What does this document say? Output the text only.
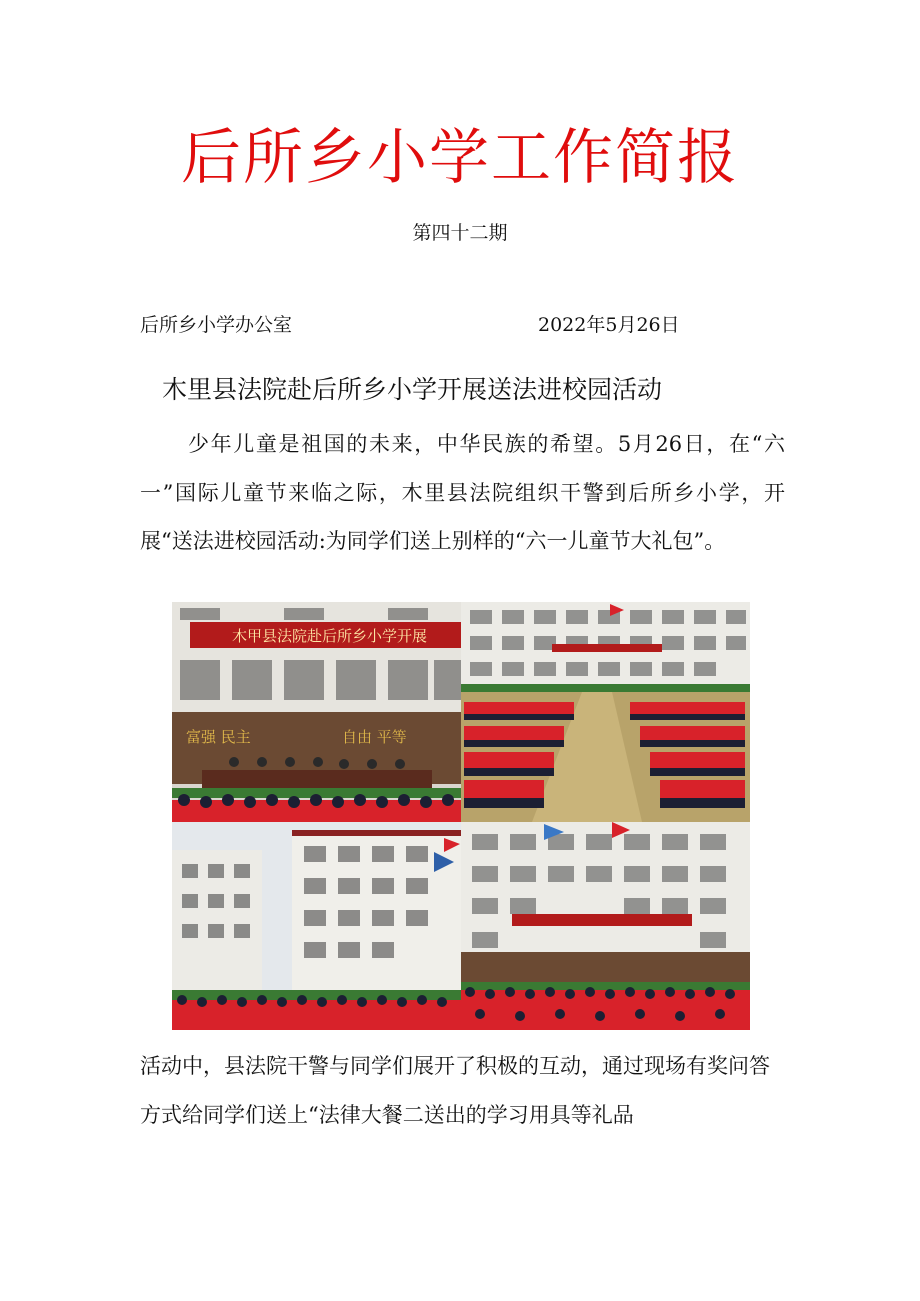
后所乡小学工作简报
第四十二期
后所乡小学办公室	2022年5月26日
木里县法院赴后所乡小学开展送法进校园活动

少年儿童是祖国的未来，中华民族的希望。5月26日，在“六一”国际儿童节来临之际，木里县法院组织干警到后所乡小学，开展“送法进校园活动:为同学们送上别样的“六一儿童节大礼包”。

木甲县法院赴后所乡小学开展
富强 民主	自由 平等

活动中，县法院干警与同学们展开了积极的互动，通过现场有奖问答方式给同学们送上“法律大餐二送出的学习用具等礼品
